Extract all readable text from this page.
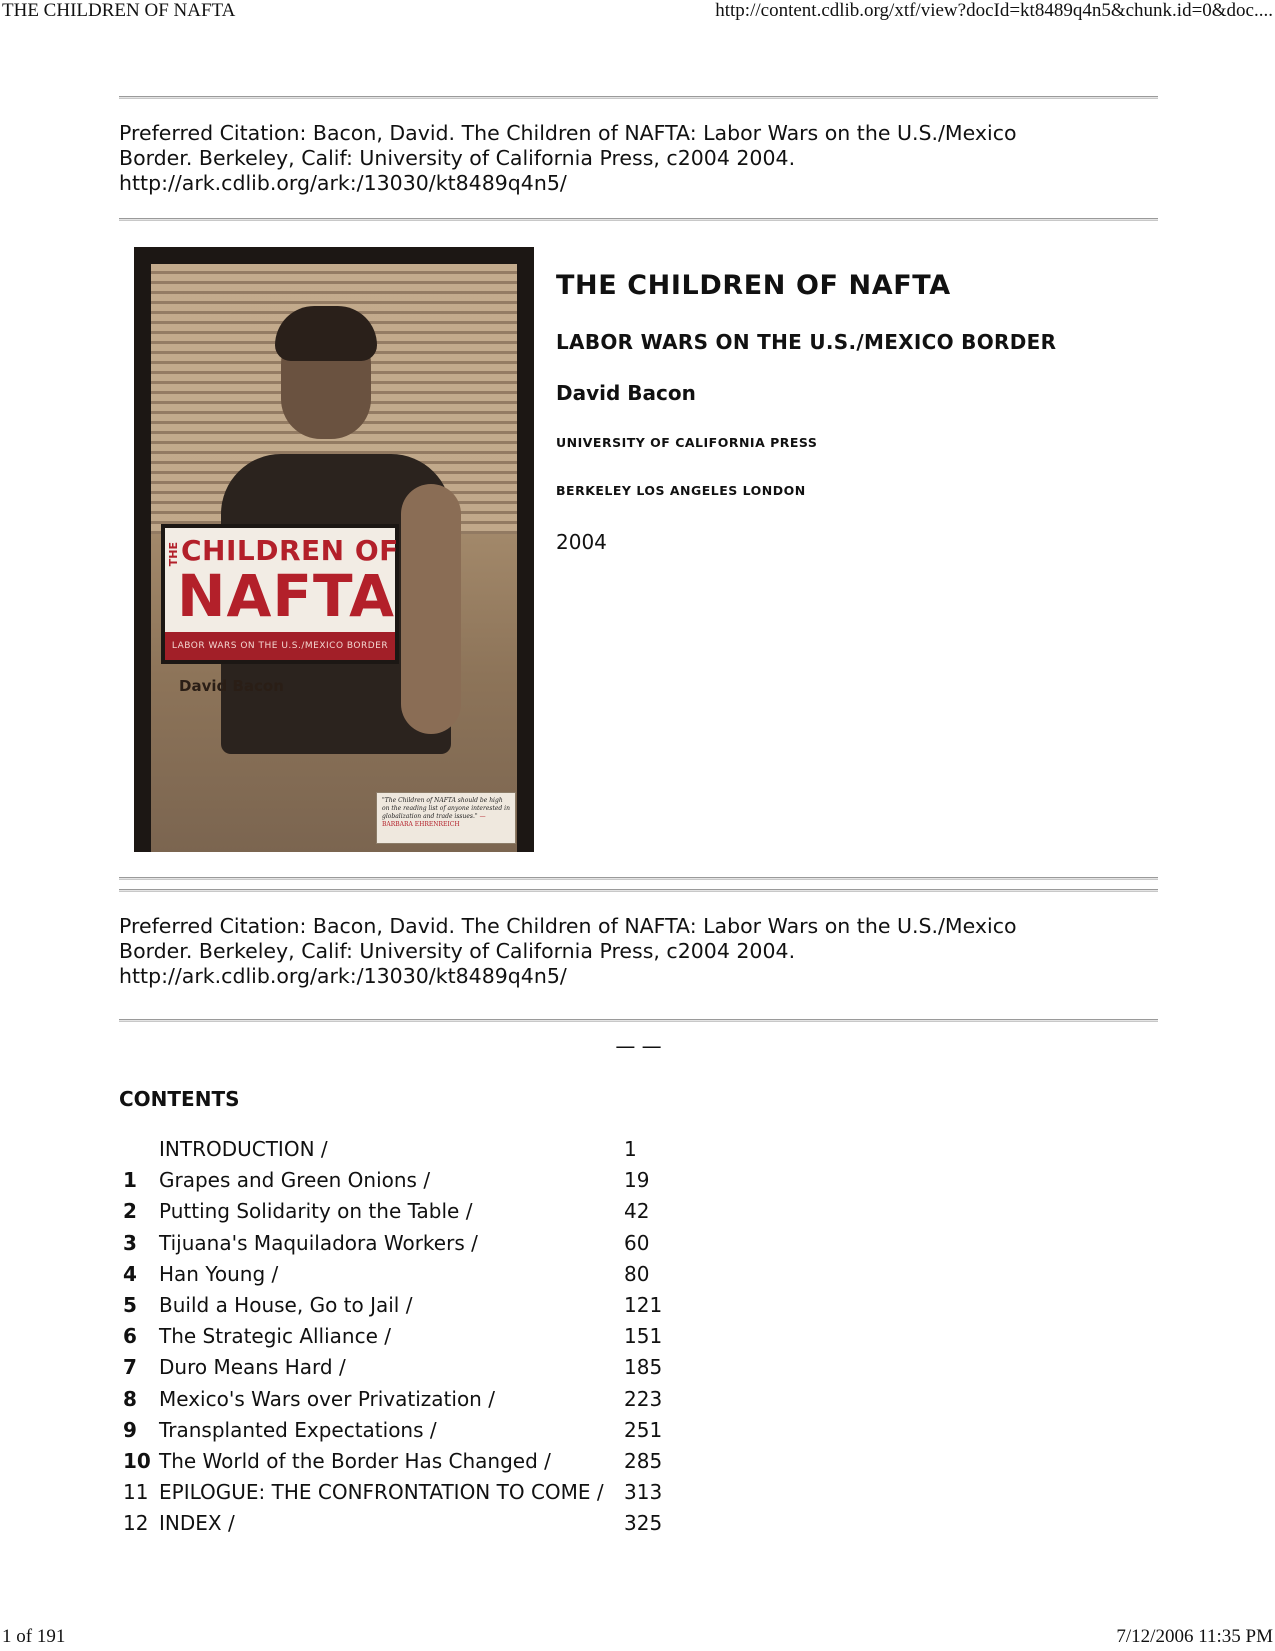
THE CHILDREN OF NAFTA	http://content.cdlib.org/xtf/view?docId=kt8489q4n5&chunk.id=0&doc....
Preferred Citation: Bacon, David. The Children of NAFTA: Labor Wars on the U.S./Mexico
Border. Berkeley, Calif: University of California Press, c2004 2004.
http://ark.cdlib.org/ark:/13030/kt8489q4n5/
THE CHILDREN OF
NAFTA
LABOR WARS ON THE U.S./MEXICO BORDER
David Bacon
"The Children of NAFTA should be high on the reading list of anyone interested in globalization and trade issues." — BARBARA EHRENREICH
THE CHILDREN OF NAFTA
LABOR WARS ON THE U.S./MEXICO BORDER
David Bacon
UNIVERSITY OF CALIFORNIA PRESS
BERKELEY LOS ANGELES LONDON
2004
Preferred Citation: Bacon, David. The Children of NAFTA: Labor Wars on the U.S./Mexico
Border. Berkeley, Calif: University of California Press, c2004 2004.
http://ark.cdlib.org/ark:/13030/kt8489q4n5/
— —
CONTENTS
INTRODUCTION /	1
1 Grapes and Green Onions /	19
2 Putting Solidarity on the Table /	42
3 Tijuana's Maquiladora Workers /	60
4 Han Young /	80
5 Build a House, Go to Jail /	121
6 The Strategic Alliance /	151
7 Duro Means Hard /	185
8 Mexico's Wars over Privatization /	223
9 Transplanted Expectations /	251
10 The World of the Border Has Changed /	285
11 EPILOGUE: THE CONFRONTATION TO COME / 313
12 INDEX /	325
1 of 191	7/12/2006 11:35 PM
